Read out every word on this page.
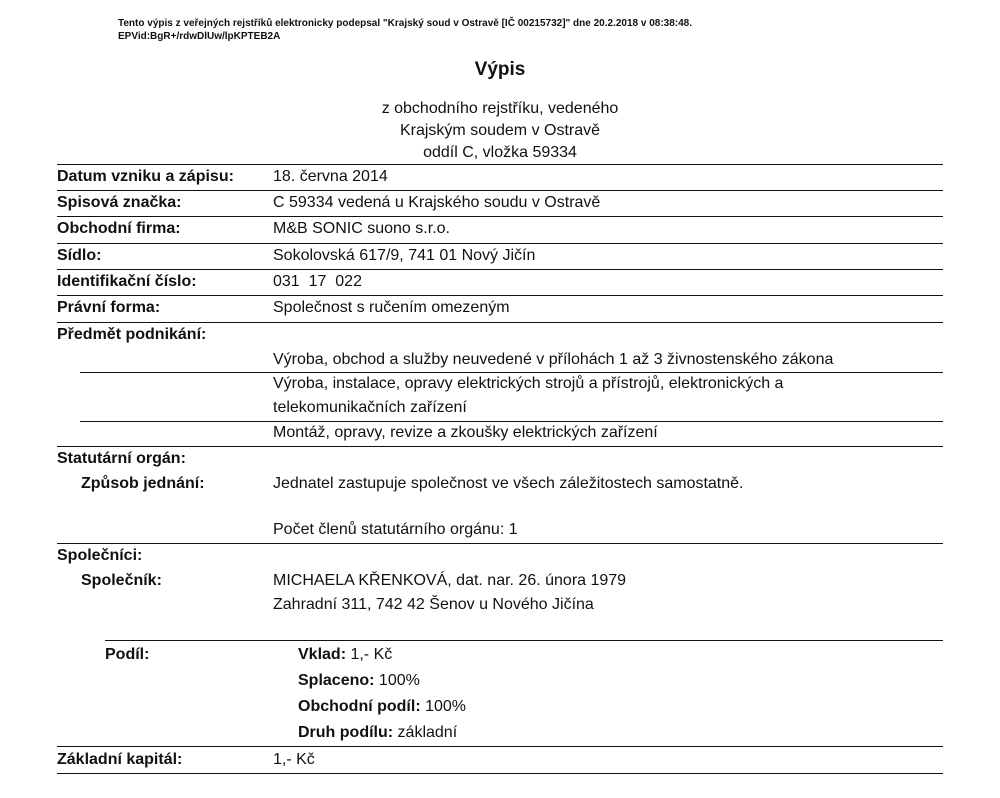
Tento výpis z veřejných rejstříků elektronicky podepsal "Krajský soud v Ostravě [IČ 00215732]" dne 20.2.2018 v 08:38:48.
EPVid:BgR+/rdwDlUw/lpKPTEB2A
Výpis
z obchodního rejstříku, vedeného
Krajským soudem v Ostravě
oddíl C, vložka 59334
Datum vzniku a zápisu: 18. června 2014
Spisová značka:	C 59334 vedená u Krajského soudu v Ostravě
Obchodní firma:	M&B SONIC suono s.r.o.
Sídlo:	Sokolovská 617/9, 741 01 Nový Jičín
Identifikační číslo:	031  17  022
Právní forma:	Společnost s ručením omezeným
Předmět podnikání:
Výroba, obchod a služby neuvedené v přílohách 1 až 3 živnostenského zákona
Výroba, instalace, opravy elektrických strojů a přístrojů, elektronických a
telekomunikačních zařízení
Montáž, opravy, revize a zkoušky elektrických zařízení
Statutární orgán:
Způsob jednání:	Jednatel zastupuje společnost ve všech záležitostech samostatně.
Počet členů statutárního orgánu: 1
Společníci:
Společník:	MICHAELA KŘENKOVÁ, dat. nar. 26. února 1979
Zahradní 311, 742 42 Šenov u Nového Jičína
Podíl:	Vklad: 1,- Kč
Splaceno: 100%
Obchodní podíl: 100%
Druh podílu: základní
Základní kapitál:	1,- Kč
